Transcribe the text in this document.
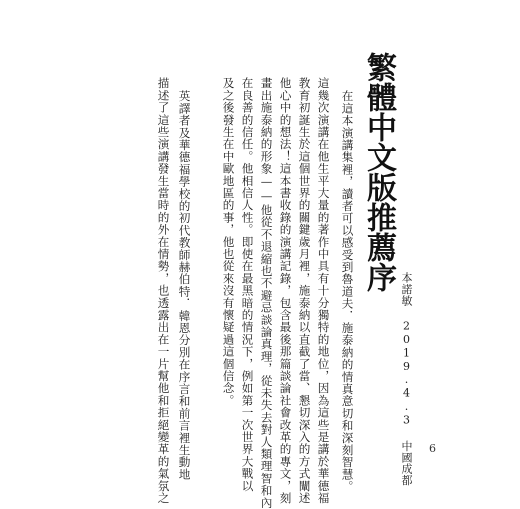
繁體中文版推薦序
在這本演講集裡，讀者可以感受到魯道夫．施泰納的情真意切和深刻智慧。
這幾次演講在他生平大量的著作中具有十分獨特的地位，因為這些是講於華德福
教育初誕生於這個世界的關鍵歲月裡，施泰納以直截了當、懇切深入的方式闡述
他心中的想法！這本書收錄的演講記錄，包含最後那篇談論社會改革的專文，刻
畫出施泰納的形象——他從不退縮也不避忌談論真理，從未失去對人類理智和內
在良善的信任。他相信人性。即使在最黑暗的情況下，例如第一次世界大戰以
及之後發生在中歐地區的事，他也從來沒有懷疑過這個信念。
英譯者及華德福學校的初代教師赫伯特．韓恩分別在序言和前言裡生動地
描述了這些演講發生當時的外在情勢，也透露出在一片幫他和拒絕變革的氣氛之	本諾敏 2019.4.3 中國成都 6
